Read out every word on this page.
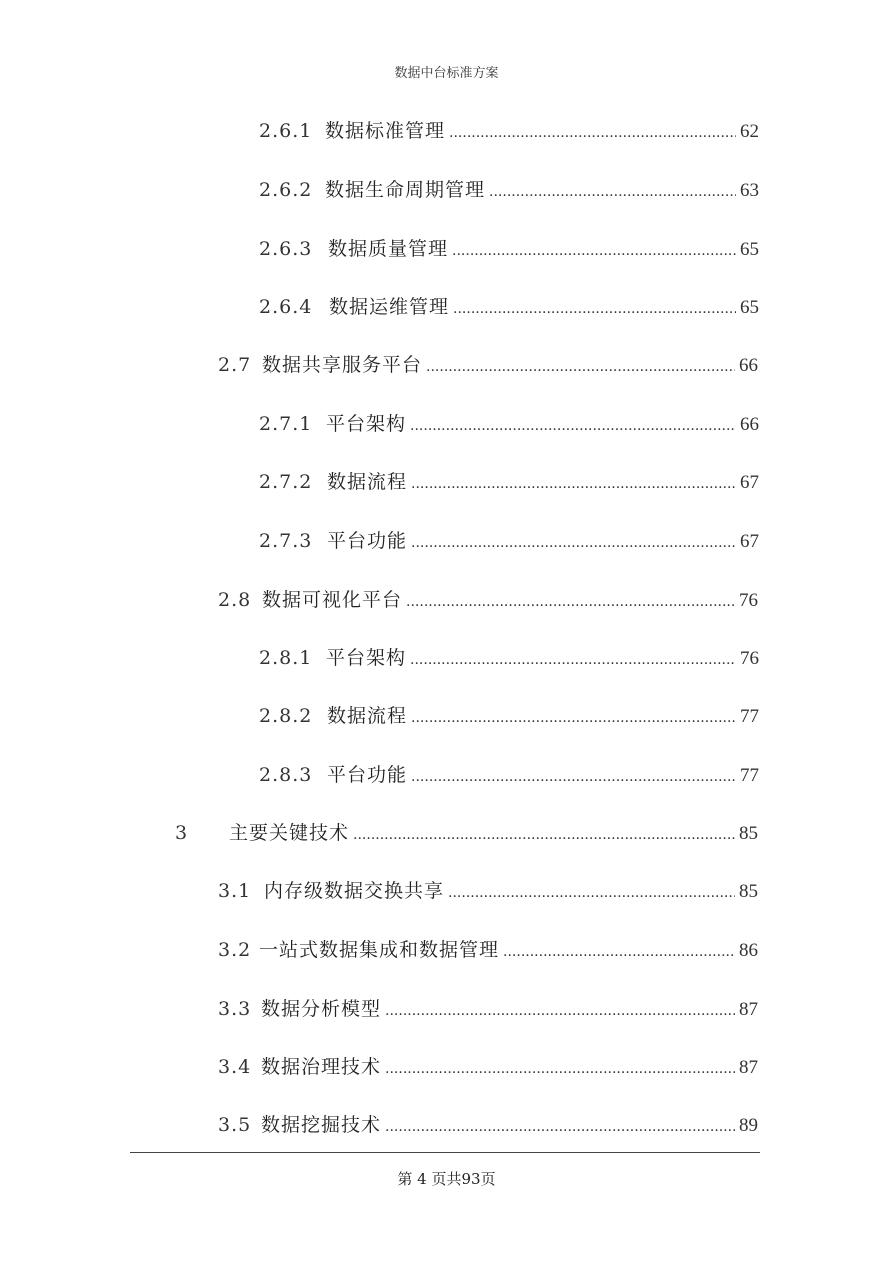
数据中台标准方案
2.6.1 数据标准管理 .....	62
2.6.2 数据生命周期管理 .....	63
2.6.3 数据质量管理 .....	65
2.6.4 数据运维管理 .....	65
2.7 数据共享服务平台 .....	66
2.7.1 平台架构 .....	66
2.7.2 数据流程 .....	67
2.7.3 平台功能 .....	67
2.8 数据可视化平台 .....	76
2.8.1 平台架构 .....	76
2.8.2 数据流程 .....	77
2.8.3 平台功能 .....	77
3	主要关键技术 .....	85
3.1 内存级数据交换共享 .....	85
3.2 一站式数据集成和数据管理 .....	86
3.3 数据分析模型 .....	87
3.4 数据治理技术 .....	87
3.5 数据挖掘技术 .....	89
第 4 页共93页
